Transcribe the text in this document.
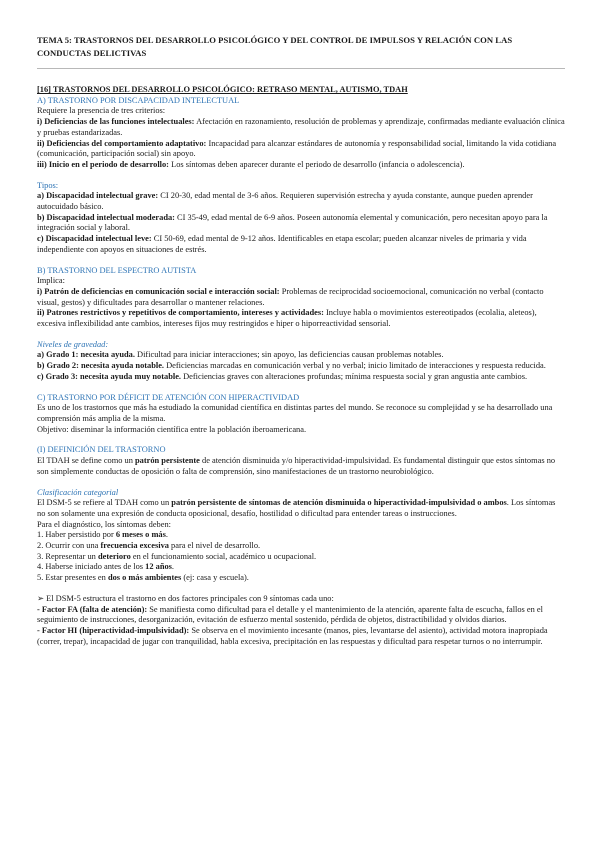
TEMA 5: TRASTORNOS DEL DESARROLLO PSICOLÓGICO Y DEL CONTROL DE IMPULSOS Y RELACIÓN CON LAS CONDUCTAS DELICTIVAS

[16] TRASTORNOS DEL DESARROLLO PSICOLÓGICO: RETRASO MENTAL, AUTISMO, TDAH

A) TRASTORNO POR DISCAPACIDAD INTELECTUAL

Requiere la presencia de tres criterios:

i) Deficiencias de las funciones intelectuales: Afectación en razonamiento, resolución de problemas y aprendizaje, confirmadas mediante evaluación clínica y pruebas estandarizadas.

ii) Deficiencias del comportamiento adaptativo: Incapacidad para alcanzar estándares de autonomía y responsabilidad social, limitando la vida cotidiana (comunicación, participación social) sin apoyo.

iii) Inicio en el periodo de desarrollo: Los síntomas deben aparecer durante el periodo de desarrollo (infancia o adolescencia).

Tipos:

a) Discapacidad intelectual grave: CI 20-30, edad mental de 3-6 años. Requieren supervisión estrecha y ayuda constante, aunque pueden aprender autocuidado básico.

b) Discapacidad intelectual moderada: CI 35-49, edad mental de 6-9 años. Poseen autonomía elemental y comunicación, pero necesitan apoyo para la integración social y laboral.

c) Discapacidad intelectual leve: CI 50-69, edad mental de 9-12 años. Identificables en etapa escolar; pueden alcanzar niveles de primaria y vida independiente con apoyos en situaciones de estrés.

B) TRASTORNO DEL ESPECTRO AUTISTA

Implica:

i) Patrón de deficiencias en comunicación social e interacción social: Problemas de reciprocidad socioemocional, comunicación no verbal (contacto visual, gestos) y dificultades para desarrollar o mantener relaciones.

ii) Patrones restrictivos y repetitivos de comportamiento, intereses y actividades: Incluye habla o movimientos estereotipados (ecolalia, aleteos), excesiva inflexibilidad ante cambios, intereses fijos muy restringidos e hiper o hiporreactividad sensorial.

Niveles de gravedad:

a) Grado 1: necesita ayuda. Dificultad para iniciar interacciones; sin apoyo, las deficiencias causan problemas notables.

b) Grado 2: necesita ayuda notable. Deficiencias marcadas en comunicación verbal y no verbal; inicio limitado de interacciones y respuesta reducida.

c) Grado 3: necesita ayuda muy notable. Deficiencias graves con alteraciones profundas; mínima respuesta social y gran angustia ante cambios.

C) TRASTORNO POR DÉFICIT DE ATENCIÓN CON HIPERACTIVIDAD

Es uno de los trastornos que más ha estudiado la comunidad científica en distintas partes del mundo. Se reconoce su complejidad y se ha desarrollado una comprensión más amplia de la misma.

Objetivo: diseminar la información científica entre la población iberoamericana.

(I) DEFINICIÓN DEL TRASTORNO

El TDAH se define como un patrón persistente de atención disminuida y/o hiperactividad-impulsividad. Es fundamental distinguir que estos síntomas no son simplemente conductas de oposición o falta de comprensión, sino manifestaciones de un trastorno neurobiológico.

Clasificación categorial

El DSM-5 se refiere al TDAH como un patrón persistente de síntomas de atención disminuida o hiperactividad-impulsividad o ambos. Los síntomas no son solamente una expresión de conducta oposicional, desafío, hostilidad o dificultad para entender tareas o instrucciones.

Para el diagnóstico, los síntomas deben:

1. Haber persistido por 6 meses o más.

2. Ocurrir con una frecuencia excesiva para el nivel de desarrollo.

3. Representar un deterioro en el funcionamiento social, académico u ocupacional.

4. Haberse iniciado antes de los 12 años.

5. Estar presentes en dos o más ambientes (ej: casa y escuela).

➢ El DSM-5 estructura el trastorno en dos factores principales con 9 síntomas cada uno:

- Factor FA (falta de atención): Se manifiesta como dificultad para el detalle y el mantenimiento de la atención, aparente falta de escucha, fallos en el seguimiento de instrucciones, desorganización, evitación de esfuerzo mental sostenido, pérdida de objetos, distractibilidad y olvidos diarios.

- Factor HI (hiperactividad-impulsividad): Se observa en el movimiento incesante (manos, pies, levantarse del asiento), actividad motora inapropiada (correr, trepar), incapacidad de jugar con tranquilidad, habla excesiva, precipitación en las respuestas y dificultad para respetar turnos o no interrumpir.
